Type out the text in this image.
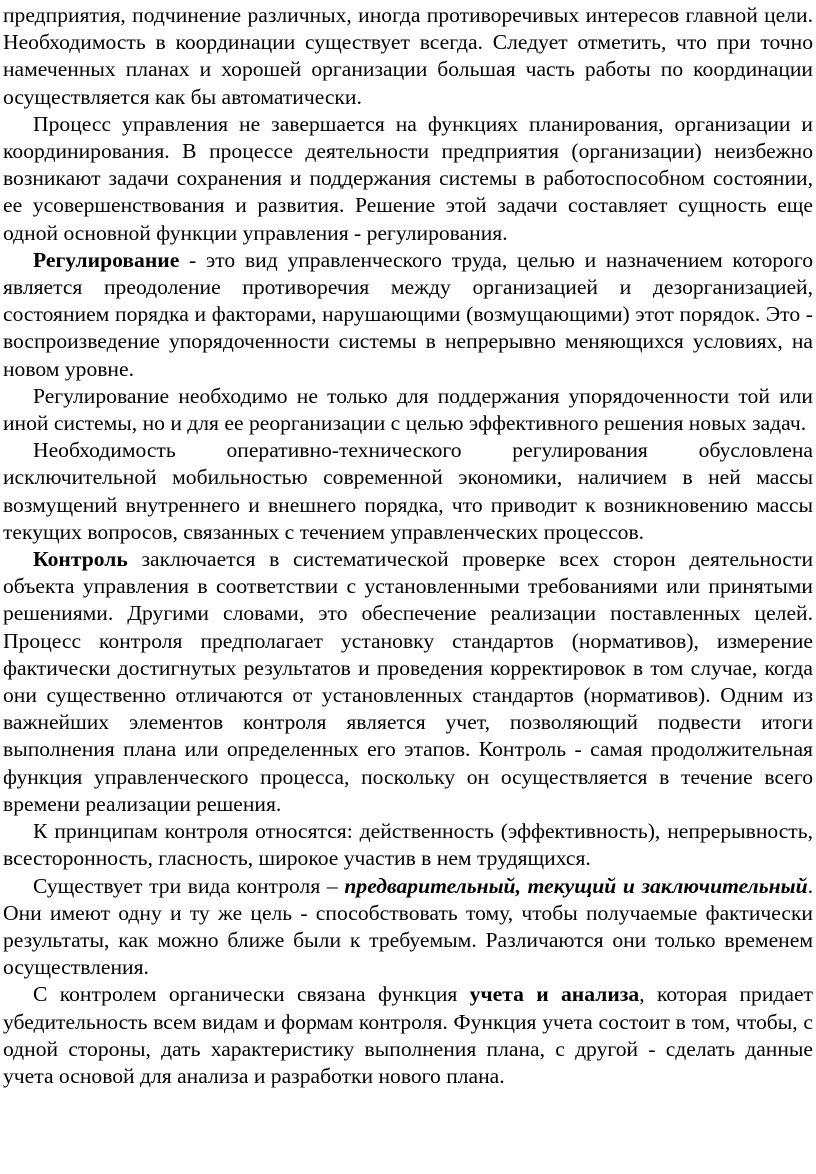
предприятия, подчинение различных, иногда противоречивых интересов главной цели. Необходимость в координации существует всегда. Следует отметить, что при точно намеченных планах и хорошей организации большая часть работы по координации осуществляется как бы автоматически.

Процесс управления не завершается на функциях планирования, организации и координирования. В процессе деятельности предприятия (организации) неизбежно возникают задачи сохранения и поддержания системы в работоспособном состоянии, ее усовершенствования и развития. Решение этой задачи составляет сущность еще одной основной функции управления - регулирования.

Регулирование - это вид управленческого труда, целью и назначением которого является преодоление противоречия между организацией и дезорганизацией, состоянием порядка и факторами, нарушающими (возмущающими) этот порядок. Это - воспроизведение упорядоченности системы в непрерывно меняющихся условиях, на новом уровне.

Регулирование необходимо не только для поддержания упорядоченности той или иной системы, но и для ее реорганизации с целью эффективного решения новых задач.

Необходимость оперативно-технического регулирования обусловлена исключительной мобильностью современной экономики, наличием в ней массы возмущений внутреннего и внешнего порядка, что приводит к возникновению массы текущих вопросов, связанных с течением управленческих процессов.

Контроль заключается в систематической проверке всех сторон деятельности объекта управления в соответствии с установленными требованиями или принятыми решениями. Другими словами, это обеспечение реализации поставленных целей. Процесс контроля предполагает установку стандартов (нормативов), измерение фактически достигнутых результатов и проведения корректировок в том случае, когда они существенно отличаются от установленных стандартов (нормативов). Одним из важнейших элементов контроля является учет, позволяющий подвести итоги выполнения плана или определенных его этапов. Контроль - самая продолжительная функция управленческого процесса, поскольку он осуществляется в течение всего времени реализации решения.

К принципам контроля относятся: действенность (эффективность), непрерывность, всесторонность, гласность, широкое участив в нем трудящихся.

Существует три вида контроля – предварительный, текущий и заключительный. Они имеют одну и ту же цель - способствовать тому, чтобы получаемые фактически результаты, как можно ближе были к требуемым. Различаются они только временем осуществления.

С контролем органически связана функция учета и анализа, которая придает убедительность всем видам и формам контроля. Функция учета состоит в том, чтобы, с одной стороны, дать характеристику выполнения плана, с другой - сделать данные учета основой для анализа и разработки нового плана.
